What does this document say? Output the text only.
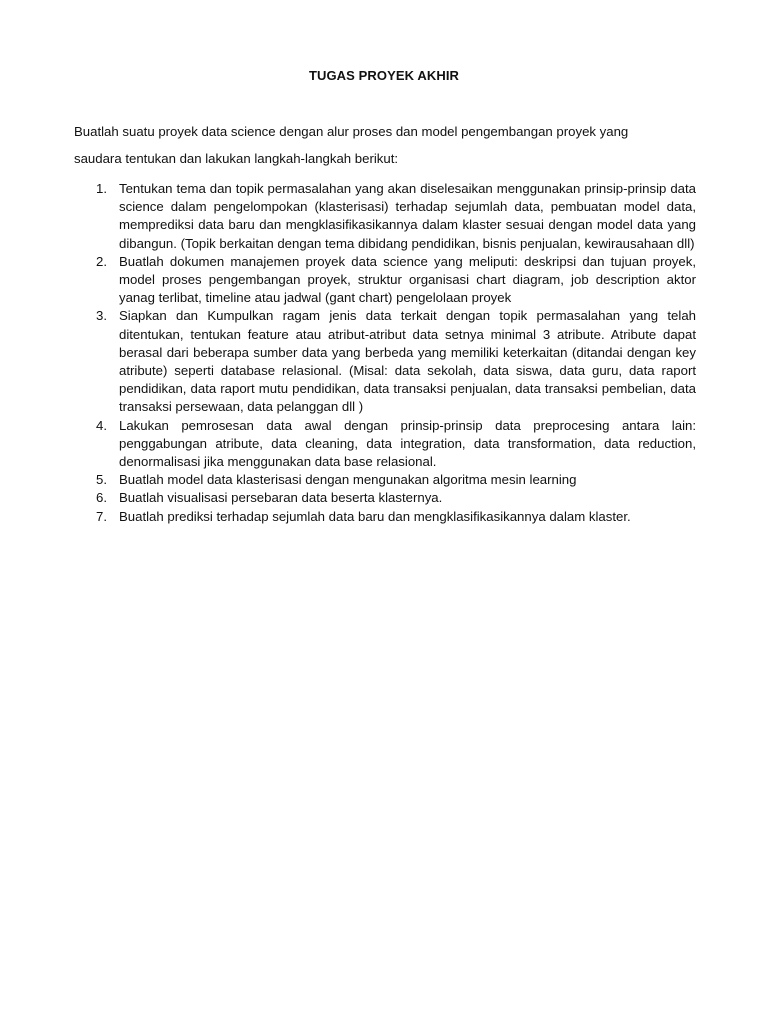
TUGAS PROYEK AKHIR

Buatlah suatu proyek data science dengan alur proses dan model pengembangan proyek yang

saudara tentukan dan lakukan langkah-langkah berikut:

1. Tentukan tema dan topik permasalahan yang akan diselesaikan menggunakan prinsip-prinsip data science dalam pengelompokan (klasterisasi) terhadap sejumlah data, pembuatan model data, memprediksi data baru dan mengklasifikasikannya dalam klaster sesuai dengan model data yang dibangun. (Topik berkaitan dengan tema dibidang pendidikan, bisnis penjualan, kewirausahaan dll)
2. Buatlah dokumen manajemen proyek data science yang meliputi: deskripsi dan tujuan proyek, model proses pengembangan proyek, struktur organisasi chart diagram, job description aktor yanag terlibat, timeline atau jadwal (gant chart) pengelolaan proyek
3. Siapkan dan Kumpulkan ragam jenis data terkait dengan topik permasalahan yang telah ditentukan, tentukan feature atau atribut-atribut data setnya minimal 3 atribute. Atribute dapat berasal dari beberapa sumber data yang berbeda yang memiliki keterkaitan (ditandai dengan key atribute) seperti database relasional. (Misal: data sekolah, data siswa, data guru, data raport pendidikan, data raport mutu pendidikan, data transaksi penjualan, data transaksi pembelian, data transaksi persewaan, data pelanggan dll )
4. Lakukan pemrosesan data awal dengan prinsip-prinsip data preprocesing antara lain: penggabungan atribute, data cleaning, data integration, data transformation, data reduction, denormalisasi jika menggunakan data base relasional.
5. Buatlah model data klasterisasi dengan mengunakan algoritma mesin learning
6. Buatlah visualisasi persebaran data beserta klasternya.
7. Buatlah prediksi terhadap sejumlah data baru dan mengklasifikasikannya dalam klaster.
